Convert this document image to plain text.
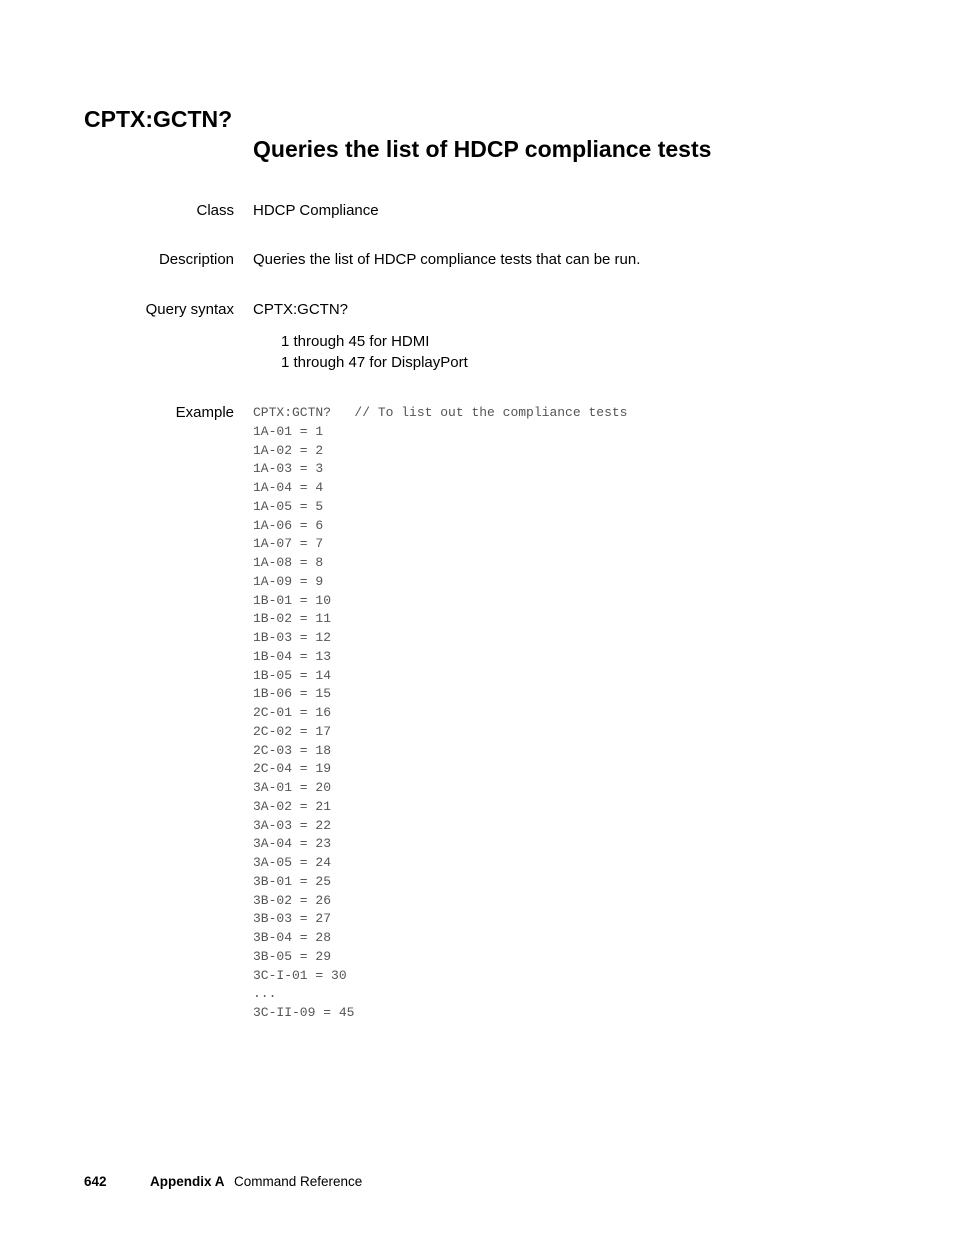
CPTX:GCTN?
Queries the list of HDCP compliance tests
Class HDCP Compliance
Description Queries the list of HDCP compliance tests that can be run.
Query syntax CPTX:GCTN?
1 through 45 for HDMI
1 through 47 for DisplayPort
Example CPTX:GCTN? // To list out the compliance tests
1A-01 = 1
1A-02 = 2
1A-03 = 3
1A-04 = 4
1A-05 = 5
1A-06 = 6
1A-07 = 7
1A-08 = 8
1A-09 = 9
1B-01 = 10
1B-02 = 11
1B-03 = 12
1B-04 = 13
1B-05 = 14
1B-06 = 15
2C-01 = 16
2C-02 = 17
2C-03 = 18
2C-04 = 19
3A-01 = 20
3A-02 = 21
3A-03 = 22
3A-04 = 23
3A-05 = 24
3B-01 = 25
3B-02 = 26
3B-03 = 27
3B-04 = 28
3B-05 = 29
3C-I-01 = 30
...
3C-II-09 = 45
642	Appendix A Command Reference
